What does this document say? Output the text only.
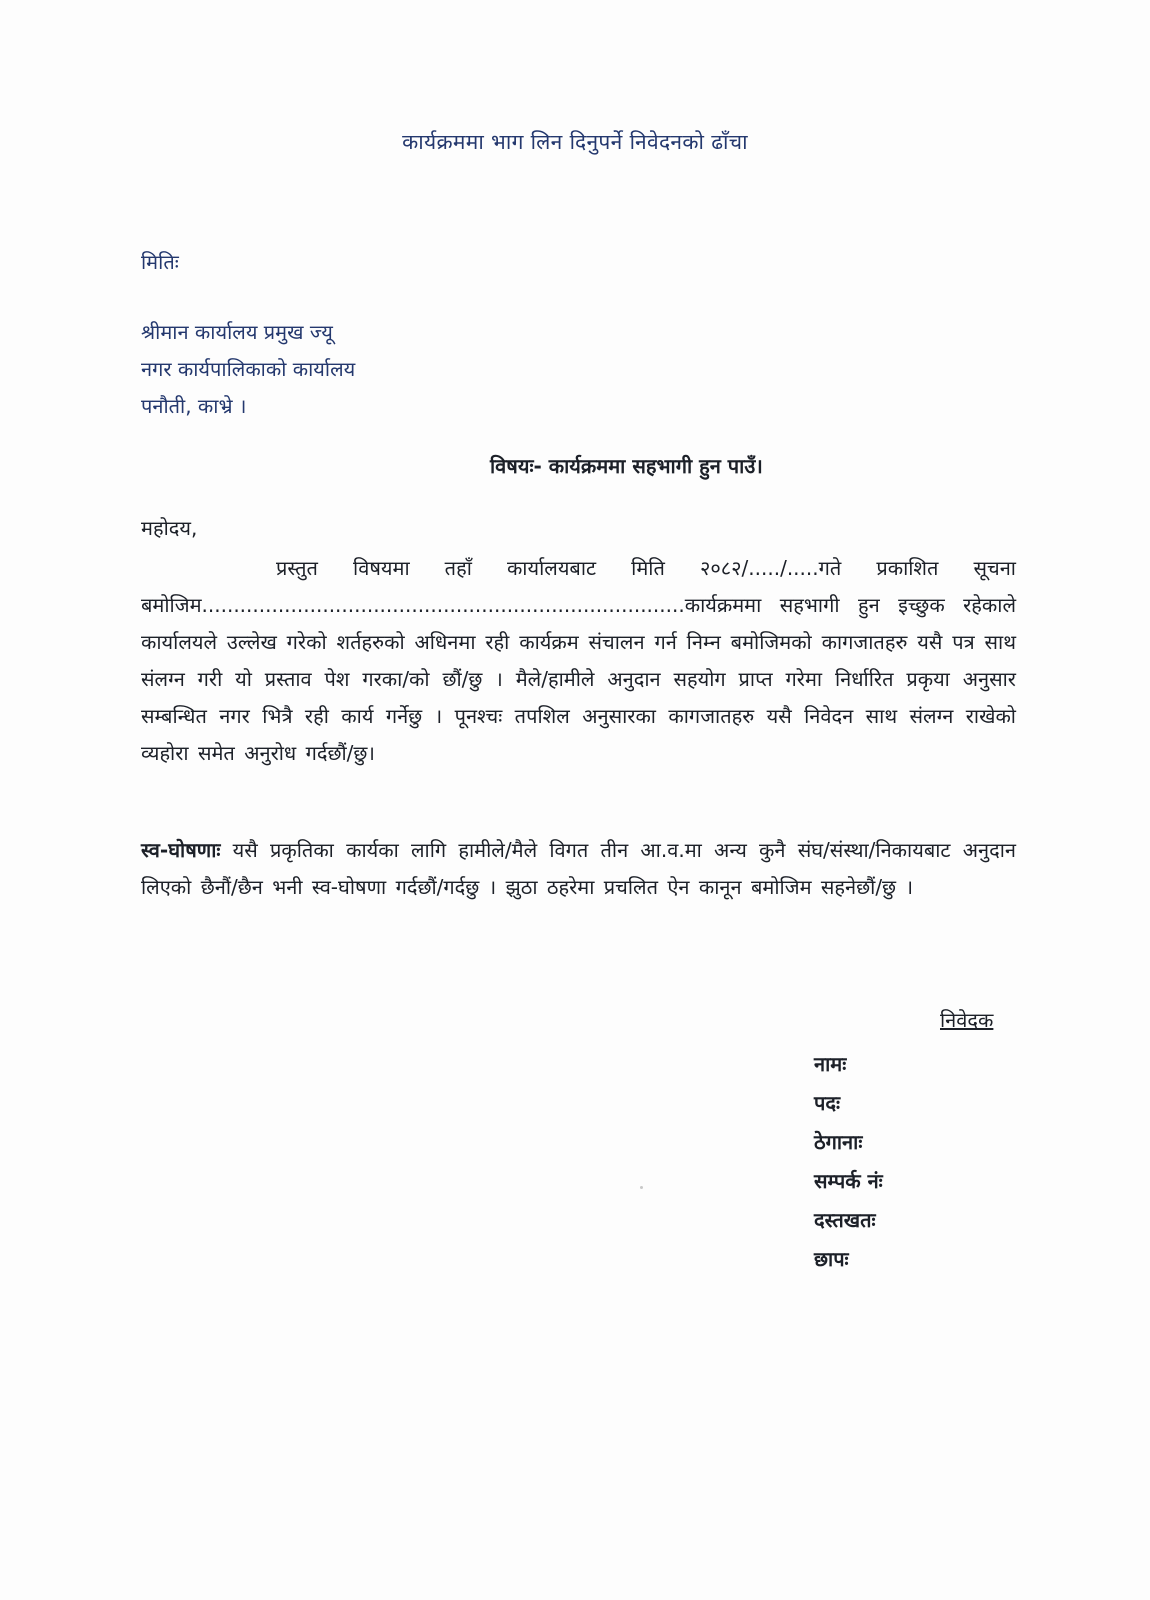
कार्यक्रममा भाग लिन दिनुपर्ने निवेदनको ढाँचा
मितिः
श्रीमान कार्यालय प्रमुख ज्यू
नगर कार्यपालिकाको कार्यालय
पनौती, काभ्रे ।
विषयः- कार्यक्रममा सहभागी हुन पाउँ।
महोदय,
प्रस्तुत विषयमा तहाँ कार्यालयबाट मिति २०८२/...../.....गते प्रकाशित सूचना बमोजिम............................................................................कार्यक्रममा सहभागी हुन इच्छुक रहेकाले कार्यालयले उल्लेख गरेको शर्तहरुको अधिनमा रही कार्यक्रम संचालन गर्न निम्न बमोजिमको कागजातहरु यसै पत्र साथ संलग्न गरी यो प्रस्ताव पेश गरका/को छौं/छु । मैले/हामीले अनुदान सहयोग प्राप्त गरेमा निर्धारित प्रकृया अनुसार सम्बन्धित नगर भित्रै रही कार्य गर्नेछु । पूनश्चः तपशिल अनुसारका कागजातहरु यसै निवेदन साथ संलग्न राखेको व्यहोरा समेत अनुरोध गर्दछौं/छु।
स्व-घोषणाः यसै प्रकृतिका कार्यका लागि हामीले/मैले विगत तीन आ.व.मा अन्य कुनै संघ/संस्था/निकायबाट अनुदान लिएको छैनौं/छैन भनी स्व-घोषणा गर्दछौं/गर्दछु । झुठा ठहरेमा प्रचलित ऐन कानून बमोजिम सहनेछौं/छु ।
निवेदक
नामः
पदः
ठेगानाः
सम्पर्क नंः
दस्तखतः
छापः
